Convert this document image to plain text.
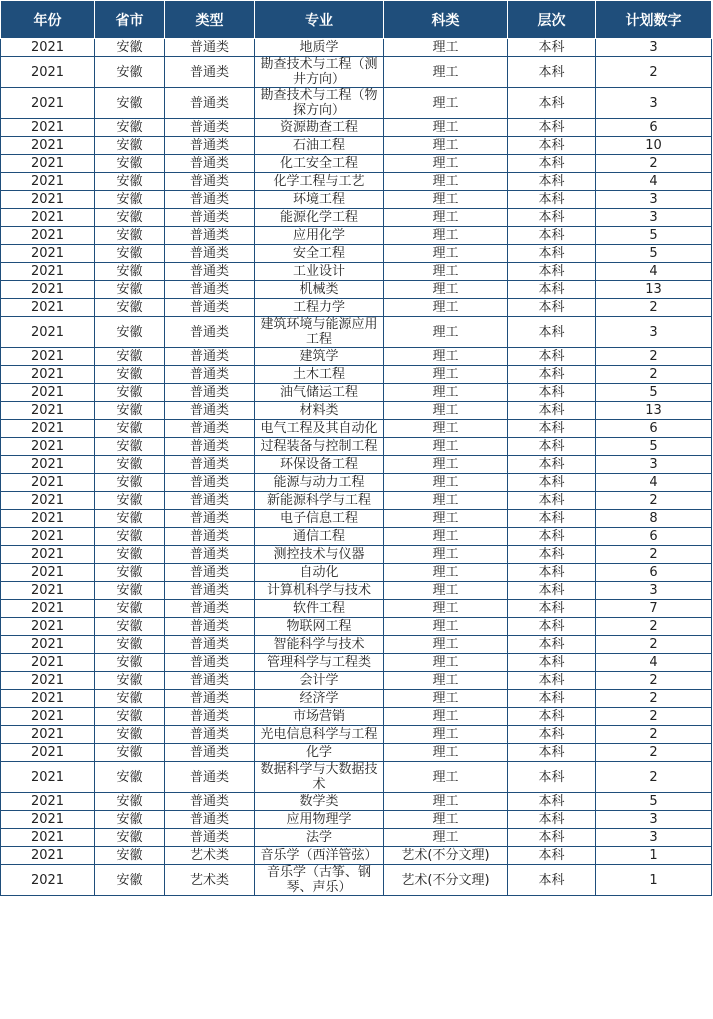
年份	省市	类型	专业	科类	层次	计划数字
2021	安徽	普通类	地质学	理工	本科	3
2021	安徽	普通类	勘查技术与工程（测井方向）	理工	本科	2
2021	安徽	普通类	勘查技术与工程（物探方向）	理工	本科	3
2021	安徽	普通类	资源勘查工程	理工	本科	6
2021	安徽	普通类	石油工程	理工	本科	10
2021	安徽	普通类	化工安全工程	理工	本科	2
2021	安徽	普通类	化学工程与工艺	理工	本科	4
2021	安徽	普通类	环境工程	理工	本科	3
2021	安徽	普通类	能源化学工程	理工	本科	3
2021	安徽	普通类	应用化学	理工	本科	5
2021	安徽	普通类	安全工程	理工	本科	5
2021	安徽	普通类	工业设计	理工	本科	4
2021	安徽	普通类	机械类	理工	本科	13
2021	安徽	普通类	工程力学	理工	本科	2
2021	安徽	普通类	建筑环境与能源应用工程	理工	本科	3
2021	安徽	普通类	建筑学	理工	本科	2
2021	安徽	普通类	土木工程	理工	本科	2
2021	安徽	普通类	油气储运工程	理工	本科	5
2021	安徽	普通类	材料类	理工	本科	13
2021	安徽	普通类	电气工程及其自动化	理工	本科	6
2021	安徽	普通类	过程装备与控制工程	理工	本科	5
2021	安徽	普通类	环保设备工程	理工	本科	3
2021	安徽	普通类	能源与动力工程	理工	本科	4
2021	安徽	普通类	新能源科学与工程	理工	本科	2
2021	安徽	普通类	电子信息工程	理工	本科	8
2021	安徽	普通类	通信工程	理工	本科	6
2021	安徽	普通类	测控技术与仪器	理工	本科	2
2021	安徽	普通类	自动化	理工	本科	6
2021	安徽	普通类	计算机科学与技术	理工	本科	3
2021	安徽	普通类	软件工程	理工	本科	7
2021	安徽	普通类	物联网工程	理工	本科	2
2021	安徽	普通类	智能科学与技术	理工	本科	2
2021	安徽	普通类	管理科学与工程类	理工	本科	4
2021	安徽	普通类	会计学	理工	本科	2
2021	安徽	普通类	经济学	理工	本科	2
2021	安徽	普通类	市场营销	理工	本科	2
2021	安徽	普通类	光电信息科学与工程	理工	本科	2
2021	安徽	普通类	化学	理工	本科	2
2021	安徽	普通类	数据科学与大数据技术	理工	本科	2
2021	安徽	普通类	数学类	理工	本科	5
2021	安徽	普通类	应用物理学	理工	本科	3
2021	安徽	普通类	法学	理工	本科	3
2021	安徽	艺术类	音乐学（西洋管弦）	艺术(不分文理)	本科	1
2021	安徽	艺术类	音乐学（古筝、钢琴、声乐）	艺术(不分文理)	本科	1
